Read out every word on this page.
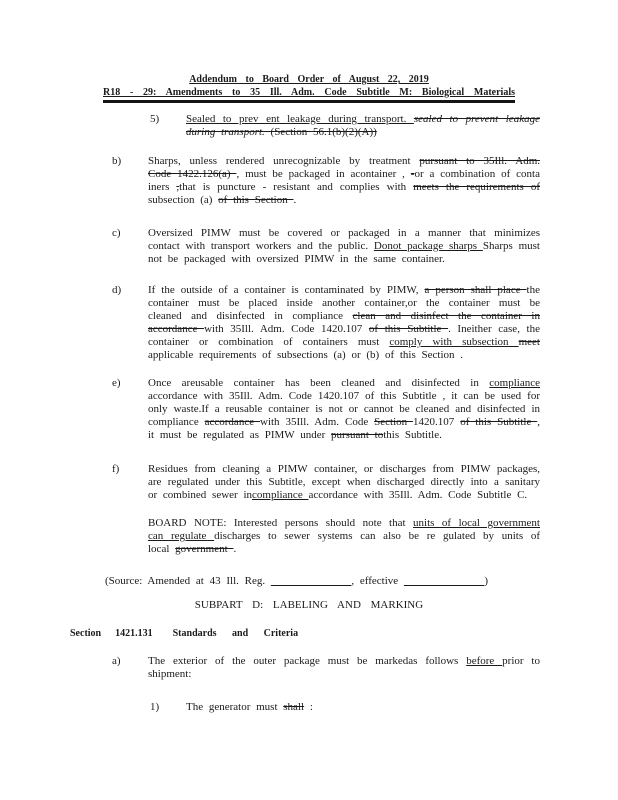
Addendum to Board Order of August 22, 2019
R18 - 29: Amendments to 35 Ill. Adm. Code Subtitle M: Biological Materials
5)	Sealed to prev ent leakage during transport. sealed to prevent leakage during transport. (Section 56.1(b)(2)(A))
b)	Sharps, unless rendered unrecognizable by treatment pursuant to 35Ill. Adm. Code 1422.126(a) , must be packaged in acontainer , -or a combination of conta iners ,that is puncture - resistant and complies with meets the requirements of subsection (a) of this Section .
c)	Oversized PIMW must be covered or packaged in a manner that minimizes contact with transport workers and the public. Donot package sharps Sharps must not be packaged with oversized PIMW in the same container.
d)	If the outside of a container is contaminated by PIMW, a person shall place the container must be placed inside another container,or the container must be cleaned and disinfected in compliance clean and disinfect the container in accordance with 35Ill. Adm. Code 1420.107 of this Subtitle . Ineither case, the container or combination of containers must comply with subsection meet applicable requirements of subsections (a) or (b) of this Section .
e)	Once areusable container has been cleaned and disinfected in compliance accordance with 35Ill. Adm. Code 1420.107 of this Subtitle , it can be used for only waste.If a reusable container is not or cannot be cleaned and disinfected in compliance accordance with 35Ill. Adm. Code Section 1420.107 of this Subtitle , it must be regulated as PIMW under pursuant tothis Subtitle.
f)	Residues from cleaning a PIMW container, or discharges from PIMW packages, are regulated under this Subtitle, except when discharged directly into a sanitary or combined sewer incompliance accordance with 35Ill. Adm. Code Subtitle C.
BOARD NOTE: Interested persons should note that units of local government can regulate discharges to sewer systems can also be re gulated by units of local government .
(Source: Amended at 43 Ill. Reg.	, effective	)
SUBPART D: LABELING AND MARKING
Section 1421.131 Standards and Criteria
a)	The exterior of the outer package must be markedas follows before prior to shipment:
1)	The generator must shall :
